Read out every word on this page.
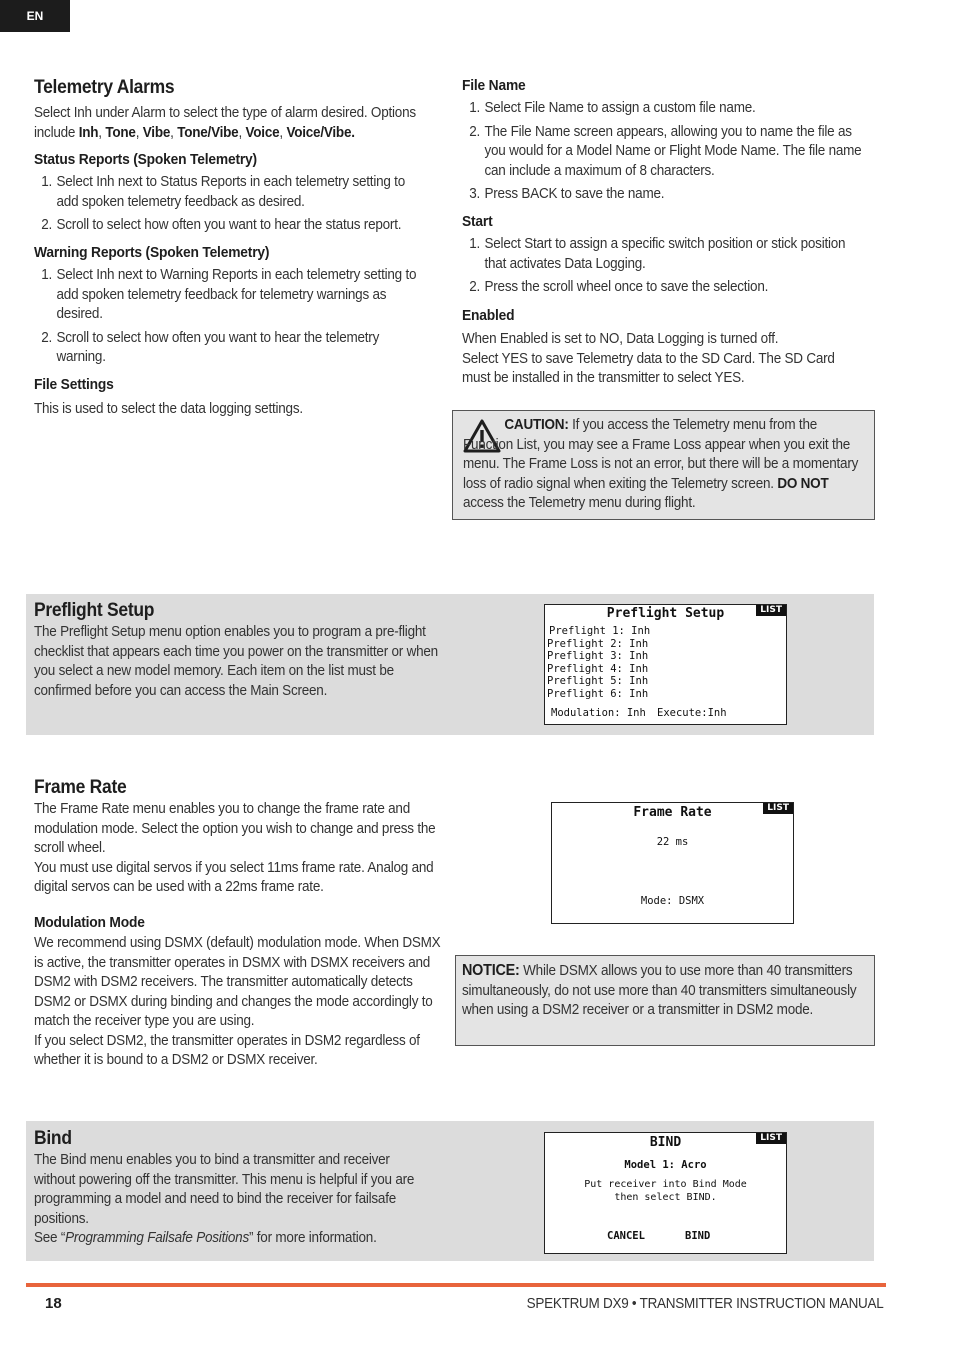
EN
Telemetry Alarms
Select Inh under Alarm to select the type of alarm desired. Options include Inh, Tone, Vibe, Tone/Vibe, Voice, Voice/Vibe.
Status Reports (Spoken Telemetry)
1. Select Inh next to Status Reports in each telemetry setting to add spoken telemetry feedback as desired.
2. Scroll to select how often you want to hear the status report.
Warning Reports (Spoken Telemetry)
1. Select Inh next to Warning Reports in each telemetry setting to add spoken telemetry feedback for telemetry warnings as desired.
2. Scroll to select how often you want to hear the telemetry warning.
File Settings
This is used to select the data logging settings.
File Name
1. Select File Name to assign a custom file name.
2. The File Name screen appears, allowing you to name the file as you would for a Model Name or Flight Mode Name. The file name can include a maximum of 8 characters.
3. Press BACK to save the name.
Start
1. Select Start to assign a specific switch position or stick position that activates Data Logging.
2. Press the scroll wheel once to save the selection.
Enabled
When Enabled is set to NO, Data Logging is turned off.
Select YES to save Telemetry data to the SD Card. The SD Card must be installed in the transmitter to select YES.
CAUTION: If you access the Telemetry menu from the Function List, you may see a Frame Loss appear when you exit the menu. The Frame Loss is not an error, but there will be a momentary loss of radio signal when exiting the Telemetry screen. DO NOT access the Telemetry menu during flight.
Preflight Setup
The Preflight Setup menu option enables you to program a pre-flight checklist that appears each time you power on the transmitter or when you select a new model memory. Each item on the list must be confirmed before you can access the Main Screen.
Preflight Setup	LIST
Preflight 1: Inh
Preflight 2: Inh
Preflight 3: Inh
Preflight 4: Inh
Preflight 5: Inh
Preflight 6: Inh
Modulation: Inh Execute:Inh
Frame Rate
The Frame Rate menu enables you to change the frame rate and modulation mode. Select the option you wish to change and press the scroll wheel.
You must use digital servos if you select 11ms frame rate. Analog and digital servos can be used with a 22ms frame rate.
Modulation Mode
We recommend using DSMX (default) modulation mode. When DSMX is active, the transmitter operates in DSMX with DSMX receivers and DSM2 with DSM2 receivers. The transmitter automatically detects DSM2 or DSMX during binding and changes the mode accordingly to match the receiver type you are using.
If you select DSM2, the transmitter operates in DSM2 regardless of whether it is bound to a DSM2 or DSMX receiver.
Frame Rate	LIST
22 ms
Mode: DSMX
NOTICE: While DSMX allows you to use more than 40 transmitters simultaneously, do not use more than 40 transmitters simultaneously when using a DSM2 receiver or a transmitter in DSM2 mode.
Bind
The Bind menu enables you to bind a transmitter and receiver without powering off the transmitter. This menu is helpful if you are programming a model and need to bind the receiver for failsafe positions.
See “Programming Failsafe Positions” for more information.
BIND	LIST
Model 1: Acro
Put receiver into Bind Mode
then select BIND.
CANCEL	BIND
18	SPEKTRUM DX9 • TRANSMITTER INSTRUCTION MANUAL
